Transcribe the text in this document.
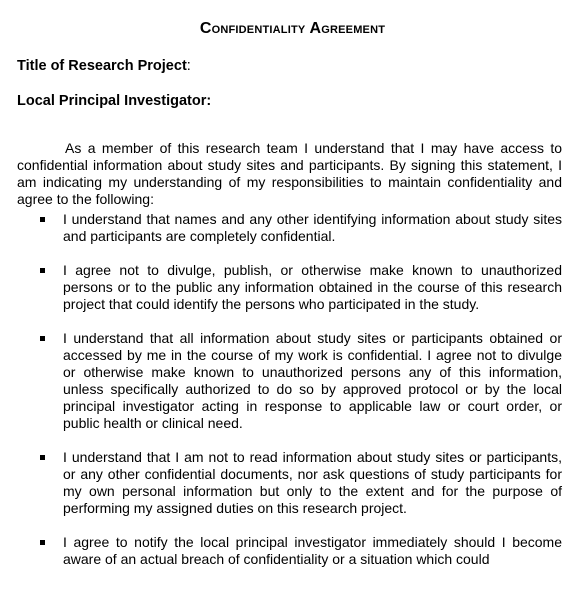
Confidentiality Agreement
Title of Research Project:
Local Principal Investigator:

As a member of this research team I understand that I may have access to confidential information about study sites and participants. By signing this statement, I am indicating my understanding of my responsibilities to maintain confidentiality and agree to the following:

I understand that names and any other identifying information about study sites and participants are completely confidential.
I agree not to divulge, publish, or otherwise make known to unauthorized persons or to the public any information obtained in the course of this research project that could identify the persons who participated in the study.
I understand that all information about study sites or participants obtained or accessed by me in the course of my work is confidential. I agree not to divulge or otherwise make known to unauthorized persons any of this information, unless specifically authorized to do so by approved protocol or by the local principal investigator acting in response to applicable law or court order, or public health or clinical need.
I understand that I am not to read information about study sites or participants, or any other confidential documents, nor ask questions of study participants for my own personal information but only to the extent and for the purpose of performing my assigned duties on this research project.
I agree to notify the local principal investigator immediately should I become aware of an actual breach of confidentiality or a situation which could
